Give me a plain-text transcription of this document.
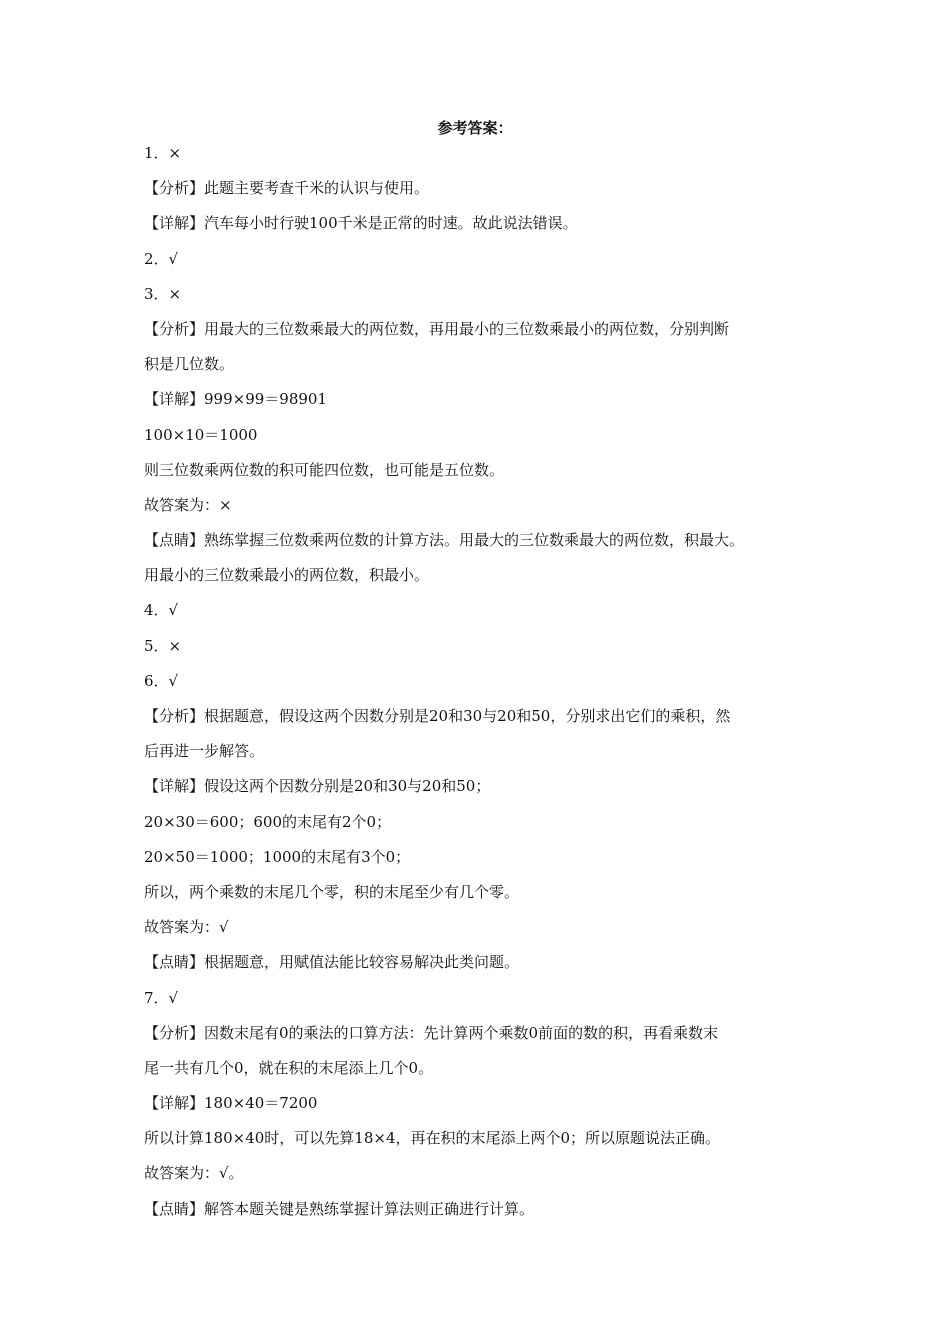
参考答案：
1．×
【分析】此题主要考查千米的认识与使用。
【详解】汽车每小时行驶100千米是正常的时速。故此说法错误。
2．√
3．×
【分析】用最大的三位数乘最大的两位数，再用最小的三位数乘最小的两位数，分别判断
积是几位数。
【详解】999×99＝98901
100×10＝1000
则三位数乘两位数的积可能四位数，也可能是五位数。
故答案为：×
【点睛】熟练掌握三位数乘两位数的计算方法。用最大的三位数乘最大的两位数，积最大。
用最小的三位数乘最小的两位数，积最小。
4．√
5．×
6．√
【分析】根据题意，假设这两个因数分别是20和30与20和50，分别求出它们的乘积，然
后再进一步解答。
【详解】假设这两个因数分别是20和30与20和50；
20×30＝600；600的末尾有2个0；
20×50＝1000；1000的末尾有3个0；
所以，两个乘数的末尾几个零，积的末尾至少有几个零。
故答案为：√
【点睛】根据题意，用赋值法能比较容易解决此类问题。
7．√
【分析】因数末尾有0的乘法的口算方法：先计算两个乘数0前面的数的积，再看乘数末
尾一共有几个0，就在积的末尾添上几个0。
【详解】180×40＝7200
所以计算180×40时，可以先算18×4，再在积的末尾添上两个0；所以原题说法正确。
故答案为：√。
【点睛】解答本题关键是熟练掌握计算法则正确进行计算。
